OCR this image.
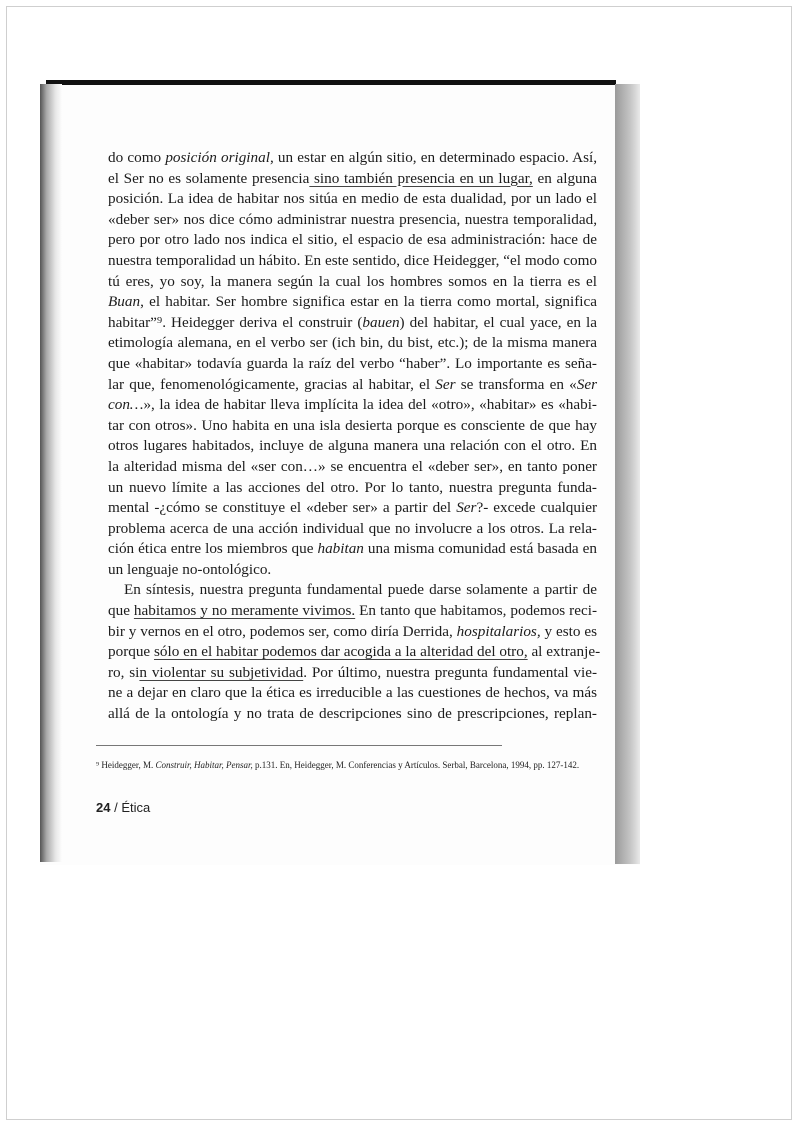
do como posición original, un estar en algún sitio, en determinado espacio. Así,
el Ser no es solamente presencia sino también presencia en un lugar, en alguna
posición. La idea de habitar nos sitúa en medio de esta dualidad, por un lado el
«deber ser» nos dice cómo administrar nuestra presencia, nuestra temporalidad,
pero por otro lado nos indica el sitio, el espacio de esa administración: hace de
nuestra temporalidad un hábito. En este sentido, dice Heidegger, “el modo como
tú eres, yo soy, la manera según la cual los hombres somos en la tierra es el
Buan, el habitar. Ser hombre significa estar en la tierra como mortal, significa
habitar”⁹. Heidegger deriva el construir (bauen) del habitar, el cual yace, en la
etimología alemana, en el verbo ser (ich bin, du bist, etc.); de la misma manera
que «habitar» todavía guarda la raíz del verbo “haber”. Lo importante es seña-
lar que, fenomenológicamente, gracias al habitar, el Ser se transforma en «Ser
con…», la idea de habitar lleva implícita la idea del «otro», «habitar» es «habi-
tar con otros». Uno habita en una isla desierta porque es consciente de que hay
otros lugares habitados, incluye de alguna manera una relación con el otro. En
la alteridad misma del «ser con…» se encuentra el «deber ser», en tanto poner
un nuevo límite a las acciones del otro. Por lo tanto, nuestra pregunta funda-
mental -¿cómo se constituye el «deber ser» a partir del Ser?- excede cualquier
problema acerca de una acción individual que no involucre a los otros. La rela-
ción ética entre los miembros que habitan una misma comunidad está basada en
un lenguaje no-ontológico.
En síntesis, nuestra pregunta fundamental puede darse solamente a partir de
que habitamos y no meramente vivimos. En tanto que habitamos, podemos reci-
bir y vernos en el otro, podemos ser, como diría Derrida, hospitalarios, y esto es
porque sólo en el habitar podemos dar acogida a la alteridad del otro, al extranje-
ro, sin violentar su subjetividad. Por último, nuestra pregunta fundamental vie-
ne a dejar en claro que la ética es irreducible a las cuestiones de hechos, va más
allá de la ontología y no trata de descripciones sino de prescripciones, replan-
⁹ Heidegger, M. Construir, Habitar, Pensar, p.131. En, Heidegger, M. Conferencias y Artículos. Serbal, Barcelona, 1994, pp. 127-142.
24 / Ética
